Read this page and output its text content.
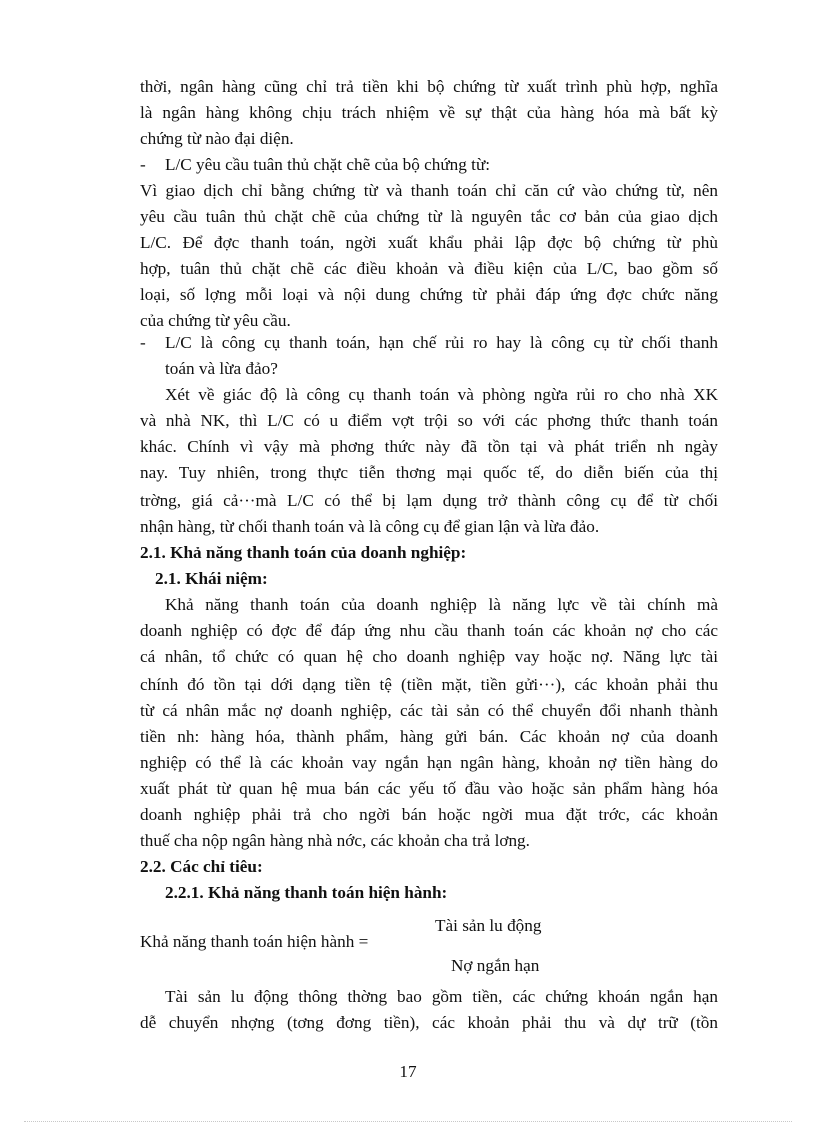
thời, ngân hàng cũng chỉ trả tiền khi bộ chứng từ xuất trình phù hợp, nghĩa
là ngân hàng không chịu trách nhiệm về sự thật của hàng hóa mà bất kỳ
chứng từ nào đại diện.
- L/C yêu cầu tuân thủ chặt chẽ của bộ chứng từ:
Vì giao dịch chỉ bằng chứng từ và thanh toán chỉ căn cứ vào chứng từ, nên
yêu cầu tuân thủ chặt chẽ của chứng từ là nguyên tắc cơ bản của giao dịch
L/C. Để đợc thanh toán, ngời xuất khẩu phải lập đợc bộ chứng từ phù
hợp, tuân thủ chặt chẽ các điều khoản và điều kiện của L/C, bao gồm số
loại, số lợng mỗi loại và nội dung chứng từ phải đáp ứng đợc chức năng
của chứng từ yêu cầu.
- L/C là công cụ thanh toán, hạn chế rủi ro hay là công cụ từ chối thanh
toán và lừa đảo?
Xét về giác độ là công cụ thanh toán và phòng ngừa rủi ro cho nhà XK
và nhà NK, thì L/C có u điểm vợt trội so với các phơng thức thanh toán
khác. Chính vì vậy mà phơng thức này đã tồn tại và phát triển nh ngày
nay. Tuy nhiên, trong thực tiễn thơng mại quốc tế, do diễn biến của thị
trờng, giá cả···mà L/C có thể bị lạm dụng trở thành công cụ để từ chối
nhận hàng, từ chối thanh toán và là công cụ để gian lận và lừa đảo.
2.1. Khả năng thanh toán của doanh nghiệp:
2.1. Khái niệm:
Khả năng thanh toán của doanh nghiệp là năng lực về tài chính mà
doanh nghiệp có đợc để đáp ứng nhu cầu thanh toán các khoản nợ cho các
cá nhân, tổ chức có quan hệ cho doanh nghiệp vay hoặc nợ. Năng lực tài
chính đó tồn tại dới dạng tiền tệ (tiền mặt, tiền gửi···), các khoản phải thu
từ cá nhân mắc nợ doanh nghiệp, các tài sản có thể chuyển đổi nhanh thành
tiền nh: hàng hóa, thành phẩm, hàng gửi bán. Các khoản nợ của doanh
nghiệp có thể là các khoản vay ngắn hạn ngân hàng, khoản nợ tiền hàng do
xuất phát từ quan hệ mua bán các yếu tố đầu vào hoặc sản phẩm hàng hóa
doanh nghiệp phải trả cho ngời bán hoặc ngời mua đặt trớc, các khoản
thuế cha nộp ngân hàng nhà nớc, các khoản cha trả lơng.
2.2. Các chỉ tiêu:
2.2.1. Khả năng thanh toán hiện hành:
Khả năng thanh toán hiện hành =
Tài sản lu động
Nợ ngắn hạn
Tài sản lu động thông thờng bao gồm tiền, các chứng khoán ngắn hạn
dễ chuyển nhợng (tơng đơng tiền), các khoản phải thu và dự trữ (tồn
17
